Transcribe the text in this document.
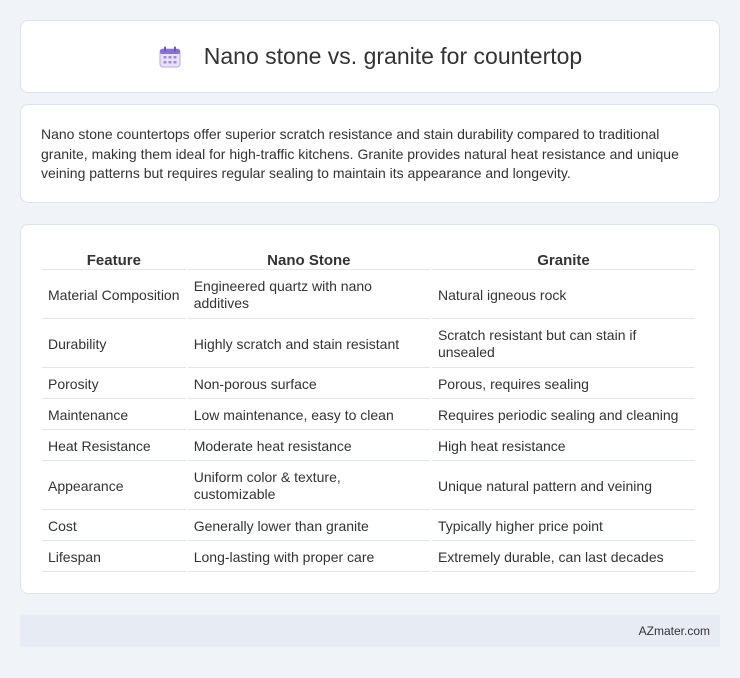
Nano stone vs. granite for countertop

Nano stone countertops offer superior scratch resistance and stain durability compared to traditional granite, making them ideal for high-traffic kitchens. Granite provides natural heat resistance and unique veining patterns but requires regular sealing to maintain its appearance and longevity.

Feature	Nano Stone	Granite
Material Composition	Engineered quartz with nano additives	Natural igneous rock
Durability	Highly scratch and stain resistant	Scratch resistant but can stain if unsealed
Porosity	Non-porous surface	Porous, requires sealing
Maintenance	Low maintenance, easy to clean	Requires periodic sealing and cleaning
Heat Resistance	Moderate heat resistance	High heat resistance
Appearance	Uniform color & texture, customizable	Unique natural pattern and veining
Cost	Generally lower than granite	Typically higher price point
Lifespan	Long-lasting with proper care	Extremely durable, can last decades
AZmater.com
